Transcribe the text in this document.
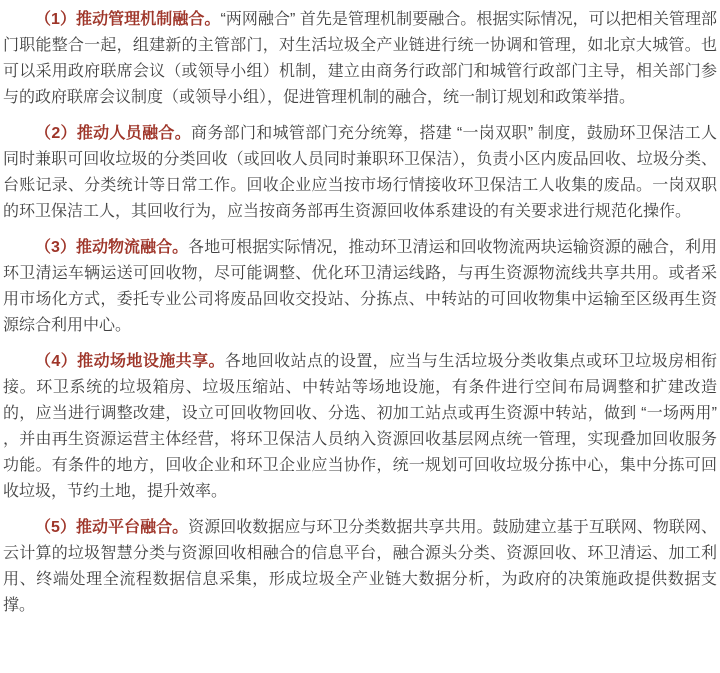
（1）推动管理机制融合。“两网融合” 首先是管理机制要融合。根据实际情况，可以把相关管理部门职能整合一起，组建新的主管部门，对生活垃圾全产业链进行统一协调和管理，如北京大城管。也可以采用政府联席会议（或领导小组）机制，建立由商务行政部门和城管行政部门主导，相关部门参与的政府联席会议制度（或领导小组），促进管理机制的融合，统一制订规划和政策举措。

（2）推动人员融合。商务部门和城管部门充分统筹，搭建 “一岗双职” 制度，鼓励环卫保洁工人同时兼职可回收垃圾的分类回收（或回收人员同时兼职环卫保洁），负责小区内废品回收、垃圾分类、台账记录、分类统计等日常工作。回收企业应当按市场行情接收环卫保洁工人收集的废品。一岗双职的环卫保洁工人，其回收行为，应当按商务部再生资源回收体系建设的有关要求进行规范化操作。

（3）推动物流融合。各地可根据实际情况，推动环卫清运和回收物流两块运输资源的融合，利用环卫清运车辆运送可回收物，尽可能调整、优化环卫清运线路，与再生资源物流线共享共用。或者采用市场化方式，委托专业公司将废品回收交投站、分拣点、中转站的可回收物集中运输至区级再生资源综合利用中心。

（4）推动场地设施共享。各地回收站点的设置，应当与生活垃圾分类收集点或环卫垃圾房相衔接。环卫系统的垃圾箱房、垃圾压缩站、中转站等场地设施，有条件进行空间布局调整和扩建改造的，应当进行调整改建，设立可回收物回收、分选、初加工站点或再生资源中转站，做到 “一场两用” ，并由再生资源运营主体经营，将环卫保洁人员纳入资源回收基层网点统一管理，实现叠加回收服务功能。有条件的地方，回收企业和环卫企业应当协作，统一规划可回收垃圾分拣中心，集中分拣可回收垃圾，节约土地，提升效率。

（5）推动平台融合。资源回收数据应与环卫分类数据共享共用。鼓励建立基于互联网、物联网、云计算的垃圾智慧分类与资源回收相融合的信息平台，融合源头分类、资源回收、环卫清运、加工利用、终端处理全流程数据信息采集，形成垃圾全产业链大数据分析，为政府的决策施政提供数据支撑。
